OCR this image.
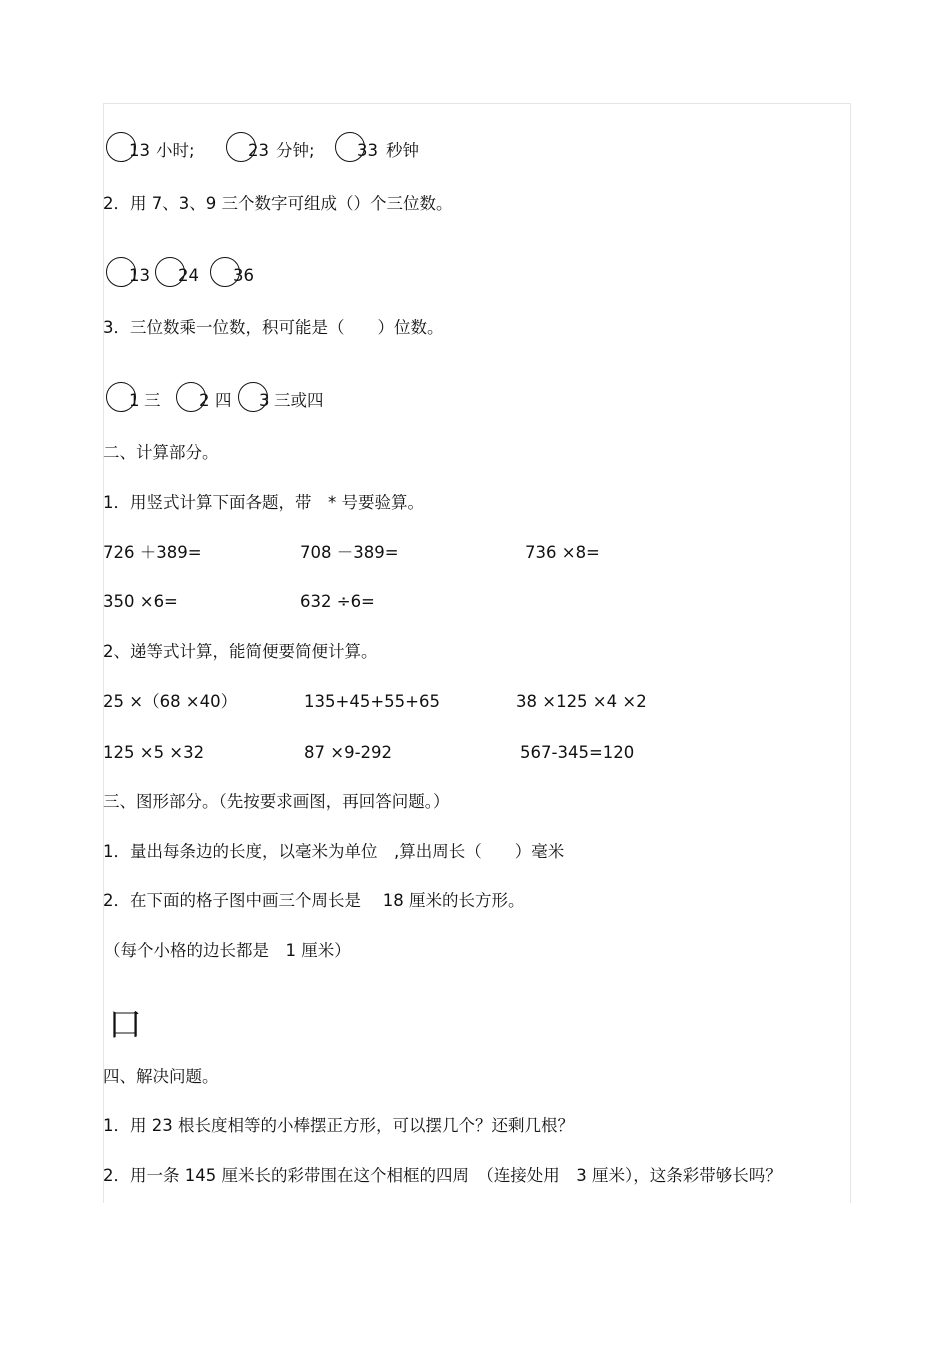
13 小时;	23 分钟;	33 秒钟
2．用 7、3、9 三个数字可组成（）个三位数。
13 24 36
3．三位数乘一位数，积可能是（　　）位数。
1 三 2 四 3 三或四
二、计算部分。
1．用竖式计算下面各题，带　* 号要验算。
726 ＋389=	708 －389=	736 ×8=
350 ×6=	632 ÷6=
2、递等式计算，能简便要简便计算。
25 ×（68 ×40）	135+45+55+65	38 ×125 ×4 ×2
125 ×5 ×32	87 ×9-292	567-345=120
三、图形部分。（先按要求画图，再回答问题。）
1．量出每条边的长度，以毫米为单位　,算出周长（　　）毫米
2．在下面的格子图中画三个周长是　 18 厘米的长方形。
（每个小格的边长都是　1 厘米）
口
四、解决问题。
1．用 23 根长度相等的小棒摆正方形，可以摆几个？还剩几根？
2．用一条 145 厘米长的彩带围在这个相框的四周　（连接处用　3 厘米），这条彩带够长吗？
